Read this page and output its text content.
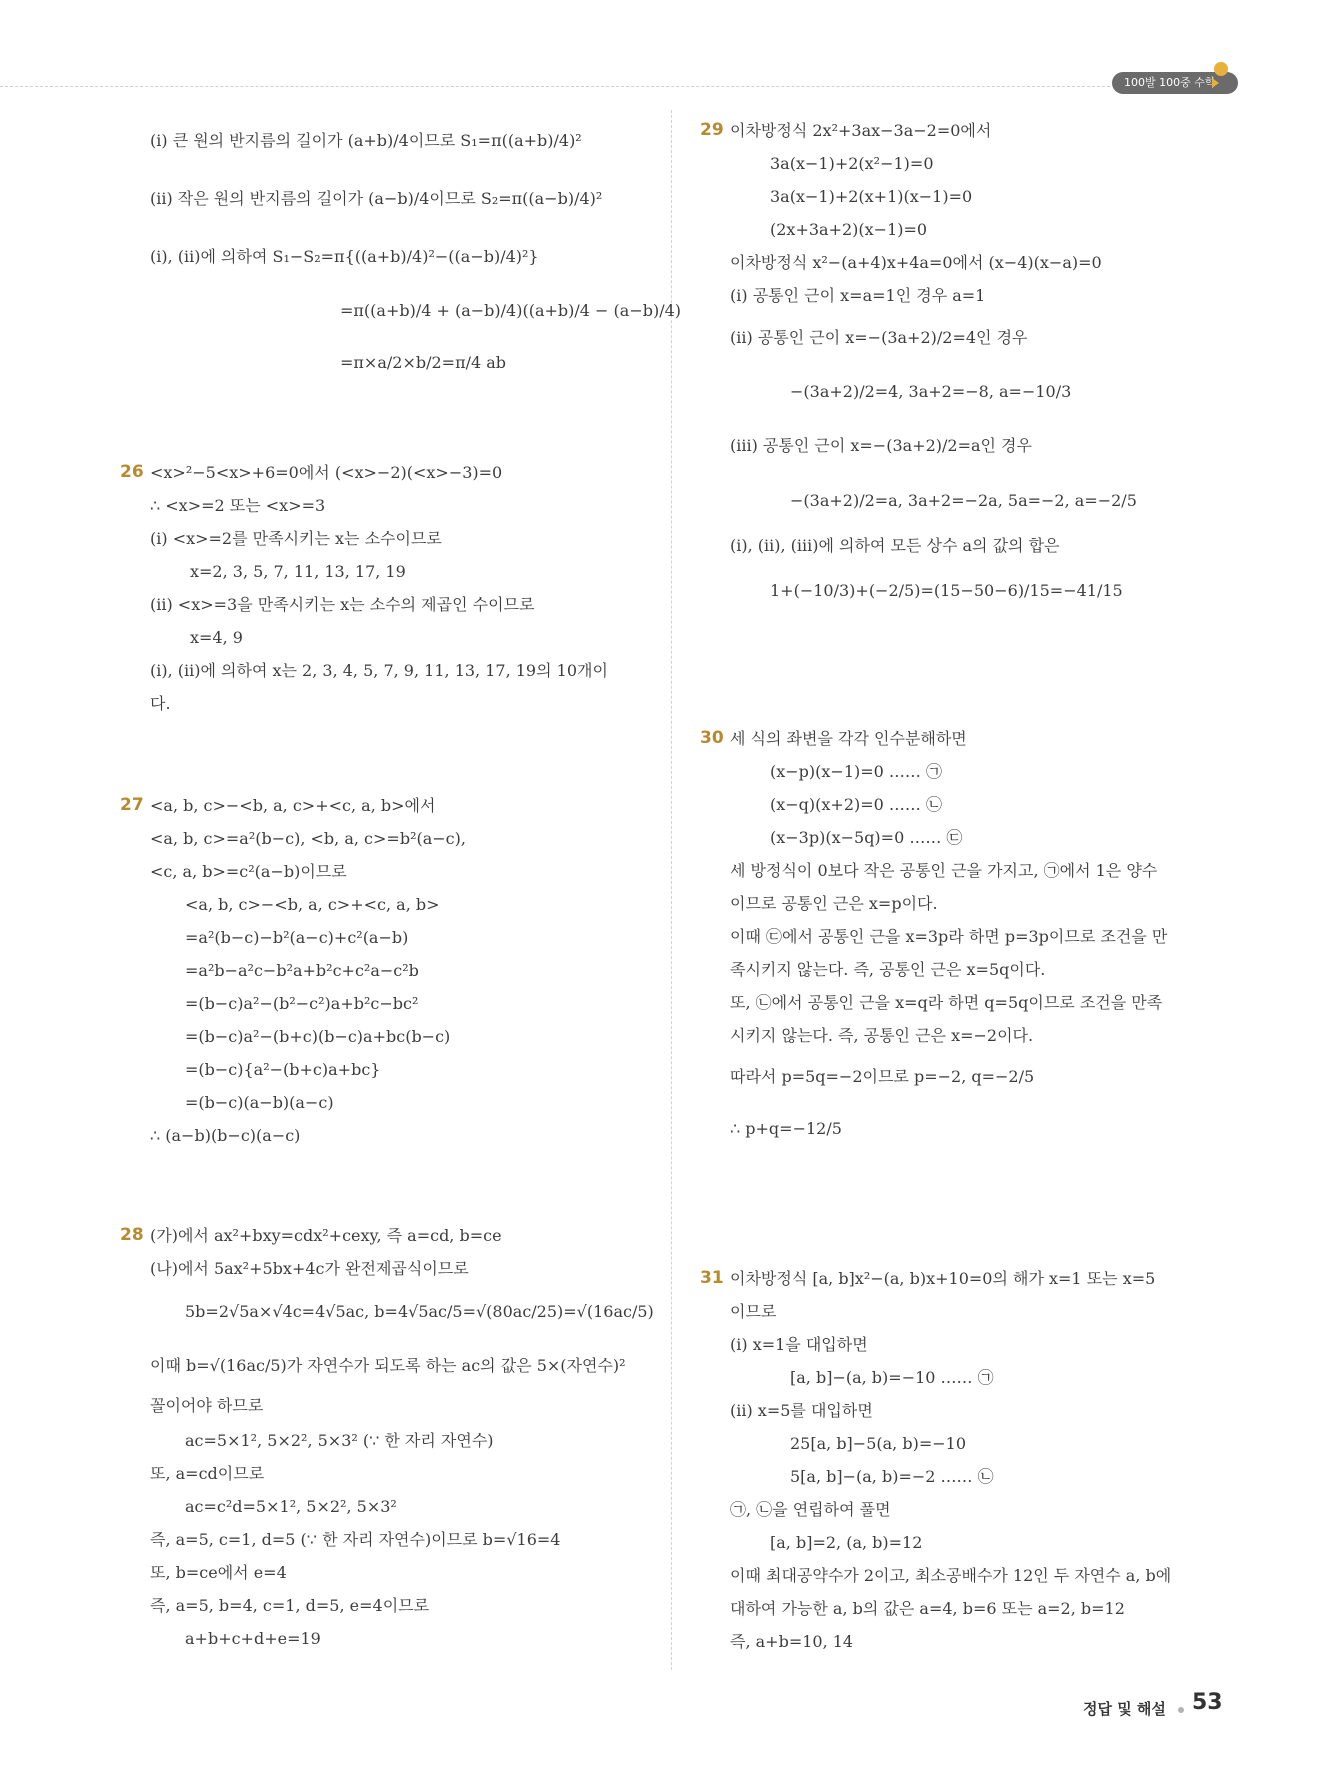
100발 100중 수학
(ⅰ) 큰 원의 반지름의 길이가 (a+b)/4이므로 S₁=π((a+b)/4)²
(ⅱ) 작은 원의 반지름의 길이가 (a−b)/4이므로 S₂=π((a−b)/4)²
(ⅰ), (ⅱ)에 의하여 S₁−S₂=π{((a+b)/4)²−((a−b)/4)²}
=π((a+b)/4 + (a−b)/4)((a+b)/4 − (a−b)/4)
=π×a/2×b/2=π/4 ab
26 <x>²−5<x>+6=0에서 (<x>−2)(<x>−3)=0
∴ <x>=2 또는 <x>=3
(ⅰ) <x>=2를 만족시키는 x는 소수이므로
x=2, 3, 5, 7, 11, 13, 17, 19
(ⅱ) <x>=3을 만족시키는 x는 소수의 제곱인 수이므로
x=4, 9
(ⅰ), (ⅱ)에 의하여 x는 2, 3, 4, 5, 7, 9, 11, 13, 17, 19의 10개이
다.
27 <a, b, c>−<b, a, c>+<c, a, b>에서
<a, b, c>=a²(b−c), <b, a, c>=b²(a−c),
<c, a, b>=c²(a−b)이므로
<a, b, c>−<b, a, c>+<c, a, b>
=a²(b−c)−b²(a−c)+c²(a−b)
=a²b−a²c−b²a+b²c+c²a−c²b
=(b−c)a²−(b²−c²)a+b²c−bc²
=(b−c)a²−(b+c)(b−c)a+bc(b−c)
=(b−c){a²−(b+c)a+bc}
=(b−c)(a−b)(a−c)
∴ (a−b)(b−c)(a−c)
28 (가)에서 ax²+bxy=cdx²+cexy, 즉 a=cd, b=ce
(나)에서 5ax²+5bx+4c가 완전제곱식이므로
5b=2√5a×√4c=4√5ac, b=4√5ac/5=√(80ac/25)=√(16ac/5)
이때 b=√(16ac/5)가 자연수가 되도록 하는 ac의 값은 5×(자연수)²
꼴이어야 하므로
ac=5×1², 5×2², 5×3² (∵ 한 자리 자연수)
또, a=cd이므로
ac=c²d=5×1², 5×2², 5×3²
즉, a=5, c=1, d=5 (∵ 한 자리 자연수)이므로 b=√16=4
또, b=ce에서 e=4
즉, a=5, b=4, c=1, d=5, e=4이므로
a+b+c+d+e=19
29 이차방정식 2x²+3ax−3a−2=0에서
3a(x−1)+2(x²−1)=0
3a(x−1)+2(x+1)(x−1)=0
(2x+3a+2)(x−1)=0
이차방정식 x²−(a+4)x+4a=0에서 (x−4)(x−a)=0
(ⅰ) 공통인 근이 x=a=1인 경우 a=1
(ⅱ) 공통인 근이 x=−(3a+2)/2=4인 경우
−(3a+2)/2=4, 3a+2=−8, a=−10/3
(ⅲ) 공통인 근이 x=−(3a+2)/2=a인 경우
−(3a+2)/2=a, 3a+2=−2a, 5a=−2, a=−2/5
(ⅰ), (ⅱ), (ⅲ)에 의하여 모든 상수 a의 값의 합은
1+(−10/3)+(−2/5)=(15−50−6)/15=−41/15
30 세 식의 좌변을 각각 인수분해하면
(x−p)(x−1)=0 …… ㉠
(x−q)(x+2)=0 …… ㉡
(x−3p)(x−5q)=0 …… ㉢
세 방정식이 0보다 작은 공통인 근을 가지고, ㉠에서 1은 양수
이므로 공통인 근은 x=p이다.
이때 ㉢에서 공통인 근을 x=3p라 하면 p=3p이므로 조건을 만
족시키지 않는다. 즉, 공통인 근은 x=5q이다.
또, ㉡에서 공통인 근을 x=q라 하면 q=5q이므로 조건을 만족
시키지 않는다. 즉, 공통인 근은 x=−2이다.
따라서 p=5q=−2이므로 p=−2, q=−2/5
∴ p+q=−12/5
31 이차방정식 [a, b]x²−(a, b)x+10=0의 해가 x=1 또는 x=5
이므로
(ⅰ) x=1을 대입하면
[a, b]−(a, b)=−10 …… ㉠
(ⅱ) x=5를 대입하면
25[a, b]−5(a, b)=−10
5[a, b]−(a, b)=−2 …… ㉡
㉠, ㉡을 연립하여 풀면
[a, b]=2, (a, b)=12
이때 최대공약수가 2이고, 최소공배수가 12인 두 자연수 a, b에
대하여 가능한 a, b의 값은 a=4, b=6 또는 a=2, b=12
즉, a+b=10, 14
정답 및 해설 53
